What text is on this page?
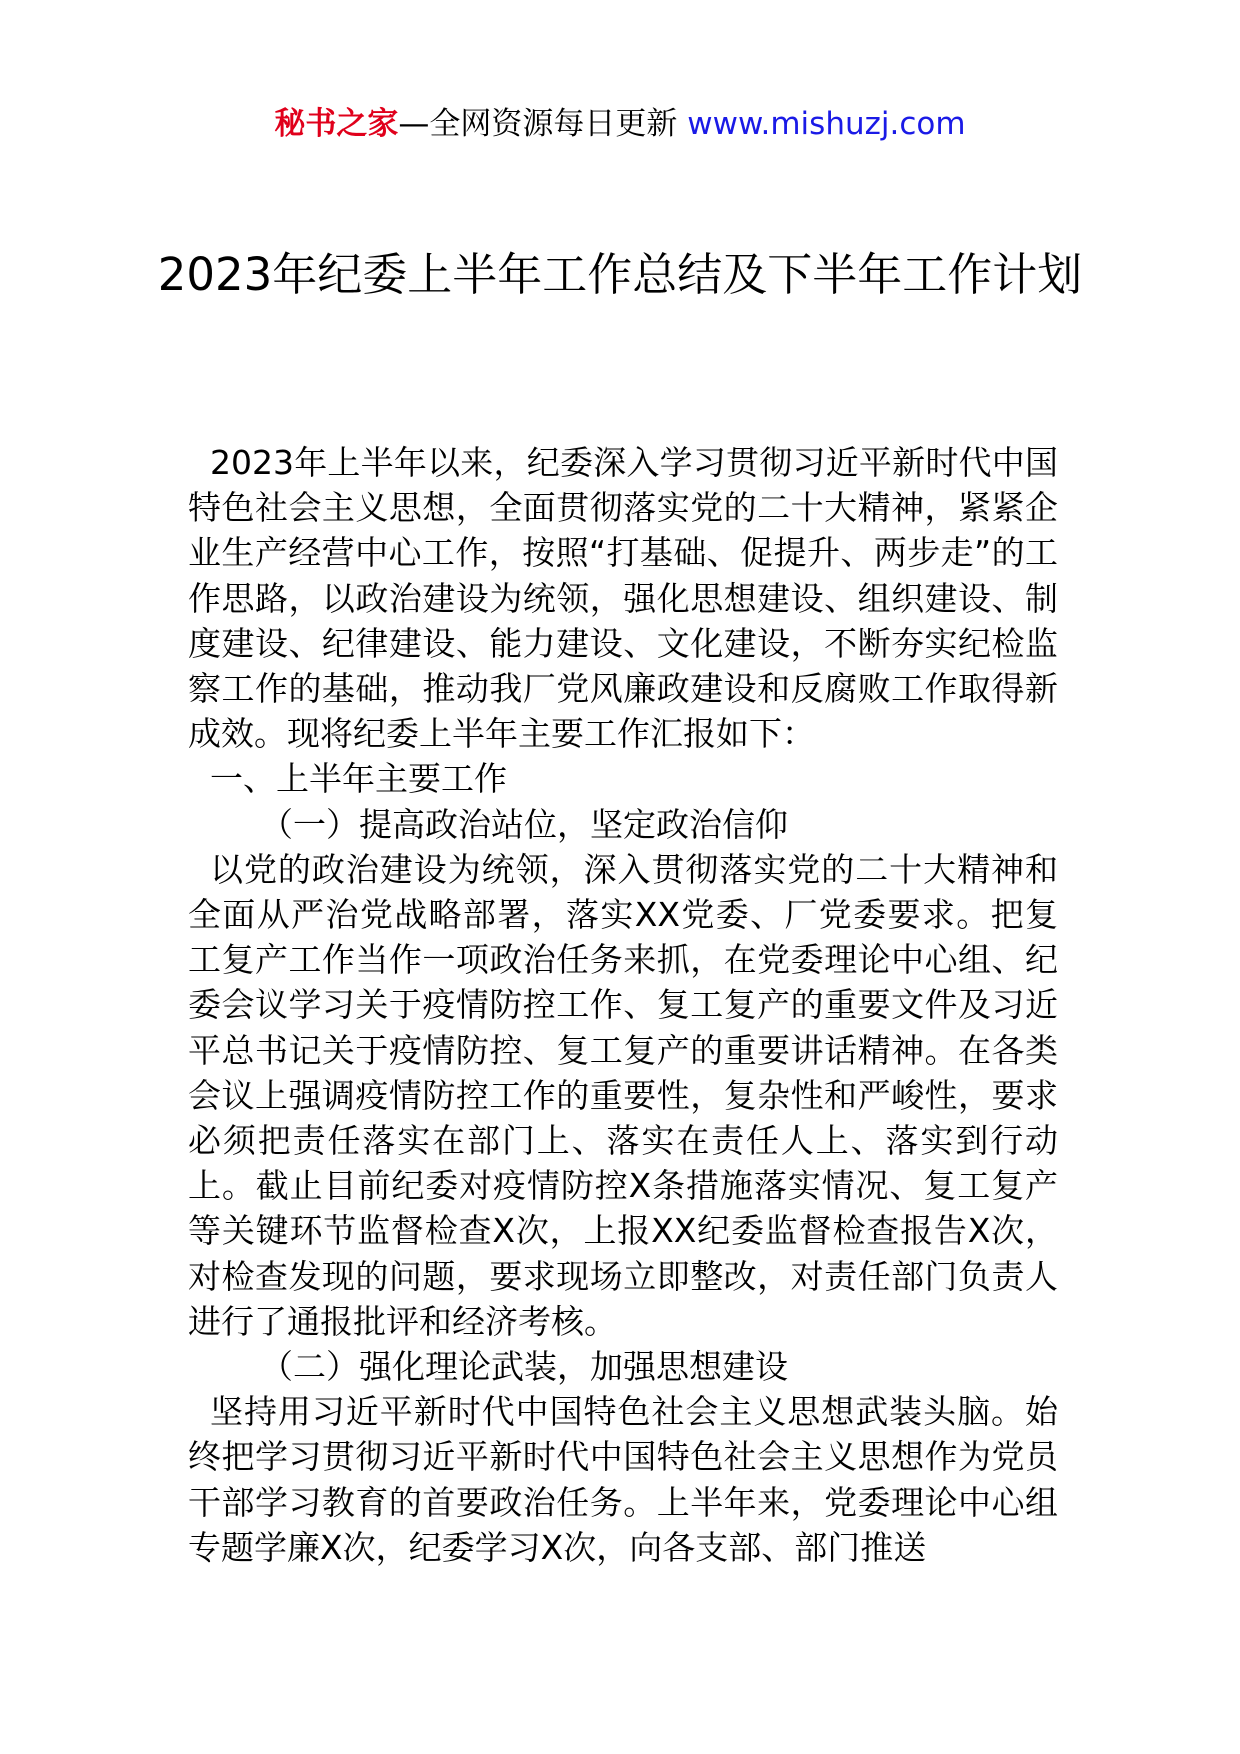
秘书之家—全网资源每日更新 www.mishuzj.com
2023年纪委上半年工作总结及下半年工作计划

2023年上半年以来，纪委深入学习贯彻习近平新时代中国特色社会主义思想，全面贯彻落实党的二十大精神，紧紧企业生产经营中心工作，按照“打基础、促提升、两步走”的工作思路，以政治建设为统领，强化思想建设、组织建设、制度建设、纪律建设、能力建设、文化建设，不断夯实纪检监察工作的基础，推动我厂党风廉政建设和反腐败工作取得新成效。现将纪委上半年主要工作汇报如下：

一、上半年主要工作

（一）提高政治站位，坚定政治信仰

以党的政治建设为统领，深入贯彻落实党的二十大精神和全面从严治党战略部署，落实XX党委、厂党委要求。把复工复产工作当作一项政治任务来抓，在党委理论中心组、纪委会议学习关于疫情防控工作、复工复产的重要文件及习近平总书记关于疫情防控、复工复产的重要讲话精神。在各类会议上强调疫情防控工作的重要性，复杂性和严峻性，要求必须把责任落实在部门上、落实在责任人上、落实到行动上。截止目前纪委对疫情防控X条措施落实情况、复工复产等关键环节监督检查X次，上报XX纪委监督检查报告X次，对检查发现的问题，要求现场立即整改，对责任部门负责人进行了通报批评和经济考核。

（二）强化理论武装，加强思想建设

坚持用习近平新时代中国特色社会主义思想武装头脑。始终把学习贯彻习近平新时代中国特色社会主义思想作为党员干部学习教育的首要政治任务。上半年来，党委理论中心组专题学廉X次，纪委学习X次，向各支部、部门推送
